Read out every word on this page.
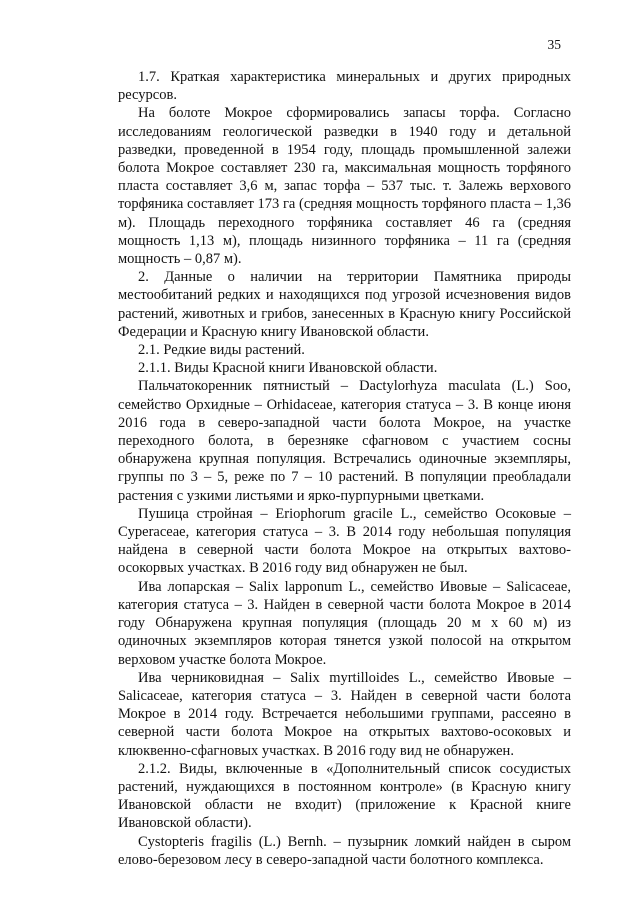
35

1.7. Краткая характеристика минеральных и других природных ресурсов.

На болоте Мокрое сформировались запасы торфа. Согласно исследованиям геологической разведки в 1940 году и детальной разведки, проведенной в 1954 году, площадь промышленной залежи болота Мокрое составляет 230 га, максимальная мощность торфяного пласта составляет 3,6 м, запас торфа – 537 тыс. т. Залежь верхового торфяника составляет 173 га (средняя мощность торфяного пласта – 1,36 м). Площадь переходного торфяника составляет 46 га (средняя мощность 1,13 м), площадь низинного торфяника – 11 га (средняя мощность – 0,87 м).

2. Данные о наличии на территории Памятника природы местообитаний редких и находящихся под угрозой исчезновения видов растений, животных и грибов, занесенных в Красную книгу Российской Федерации и Красную книгу Ивановской области.

2.1. Редкие виды растений.

2.1.1. Виды Красной книги Ивановской области.

Пальчатокоренник пятнистый – Dactylorhyza maculata (L.) Soo, семейство Орхидные – Orhidaceae, категория статуса – 3. В конце июня 2016 года в северо-западной части болота Мокрое, на участке переходного болота, в березняке сфагновом с участием сосны обнаружена крупная популяция. Встречались одиночные экземпляры, группы по 3 – 5, реже по 7 – 10 растений. В популяции преобладали растения с узкими листьями и ярко-пурпурными цветками.

Пушица стройная – Eriophorum gracile L., семейство Осоковые – Cyperaceae, категория статуса – 3. В 2014 году небольшая популяция найдена в северной части болота Мокрое на открытых вахтово-осокорвых участках. В 2016 году вид обнаружен не был.

Ива лопарская – Salix lapponum L., семейство Ивовые – Salicaceae, категория статуса – 3. Найден в северной части болота Мокрое в 2014 году Обнаружена крупная популяция (площадь 20 м х 60 м) из одиночных экземпляров которая тянется узкой полосой на открытом верховом участке болота Мокрое.

Ива черниковидная – Salix myrtilloides L., семейство Ивовые – Salicaceae, категория статуса – 3. Найден в северной части болота Мокрое в 2014 году. Встречается небольшими группами, рассеяно в северной части болота Мокрое на открытых вахтово-осоковых и клюквенно-сфагновых участках. В 2016 году вид не обнаружен.

2.1.2. Виды, включенные в «Дополнительный список сосудистых растений, нуждающихся в постоянном контроле» (в Красную книгу Ивановской области не входит) (приложение к Красной книге Ивановской области).

Cystopteris fragilis (L.) Bernh. – пузырник ломкий найден в сыром елово-березовом лесу в северо-западной части болотного комплекса.
